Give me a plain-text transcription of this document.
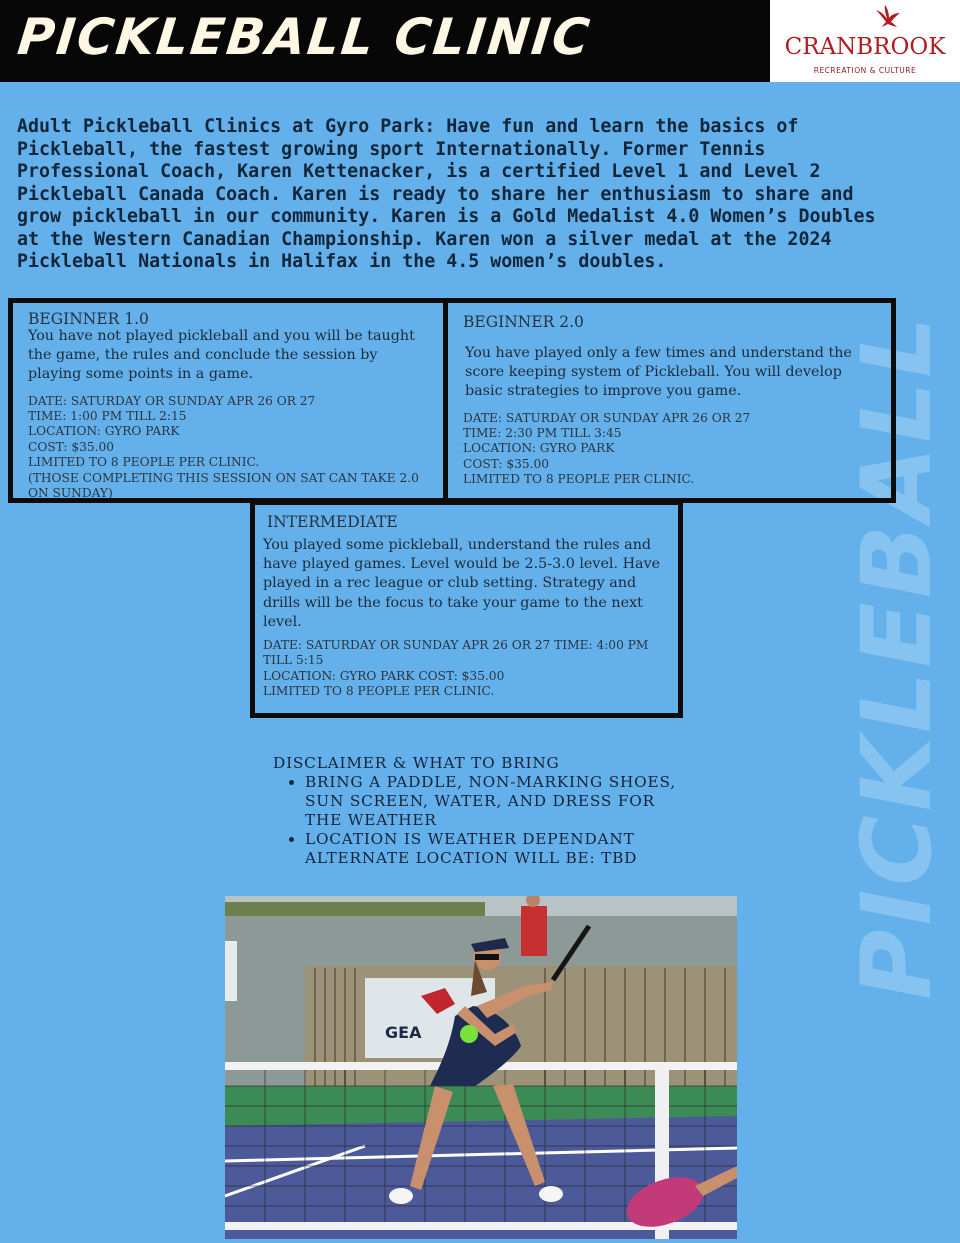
PICKLEBALL CLINIC	CRANBROOK
RECREATION & CULTURE
PICKLEBALL
Adult Pickleball Clinics at Gyro Park: Have fun and learn the basics of Pickleball, the fastest growing sport Internationally. Former Tennis Professional Coach, Karen Kettenacker, is a certified Level 1 and Level 2 Pickleball Canada Coach. Karen is ready to share her enthusiasm to share and grow pickleball in our community. Karen is a Gold Medalist 4.0 Women’s Doubles at the Western Canadian Championship. Karen won a silver medal at the 2024 Pickleball Nationals in Halifax in the 4.5 women’s doubles.
BEGINNER 1.0
You have not played pickleball and you will be taught the game, the rules and conclude the session by playing some points in a game.
DATE: SATURDAY OR SUNDAY APR 26 OR 27
TIME: 1:00 PM TILL 2:15
LOCATION: GYRO PARK
COST: $35.00
LIMITED TO 8 PEOPLE PER CLINIC.
(THOSE COMPLETING THIS SESSION ON SAT CAN TAKE 2.0 ON SUNDAY)
BEGINNER 2.0
You have played only a few times and understand the score keeping system of Pickleball. You will develop basic strategies to improve you game.
DATE: SATURDAY OR SUNDAY APR 26 OR 27
TIME: 2:30 PM TILL 3:45
LOCATION: GYRO PARK
COST: $35.00
LIMITED TO 8 PEOPLE PER CLINIC.
INTERMEDIATE
You played some pickleball, understand the rules and have played games. Level would be 2.5-3.0 level. Have played in a rec league or club setting. Strategy and drills will be the focus to take your game to the next level.
DATE: SATURDAY OR SUNDAY APR 26 OR 27 TIME: 4:00 PM TILL 5:15
LOCATION: GYRO PARK COST: $35.00
LIMITED TO 8 PEOPLE PER CLINIC.
DISCLAIMER & WHAT TO BRING
• BRING A PADDLE, NON-MARKING SHOES, SUN SCREEN, WATER, AND DRESS FOR THE WEATHER
• LOCATION IS WEATHER DEPENDANT ALTERNATE LOCATION WILL BE: TBD
GEA
